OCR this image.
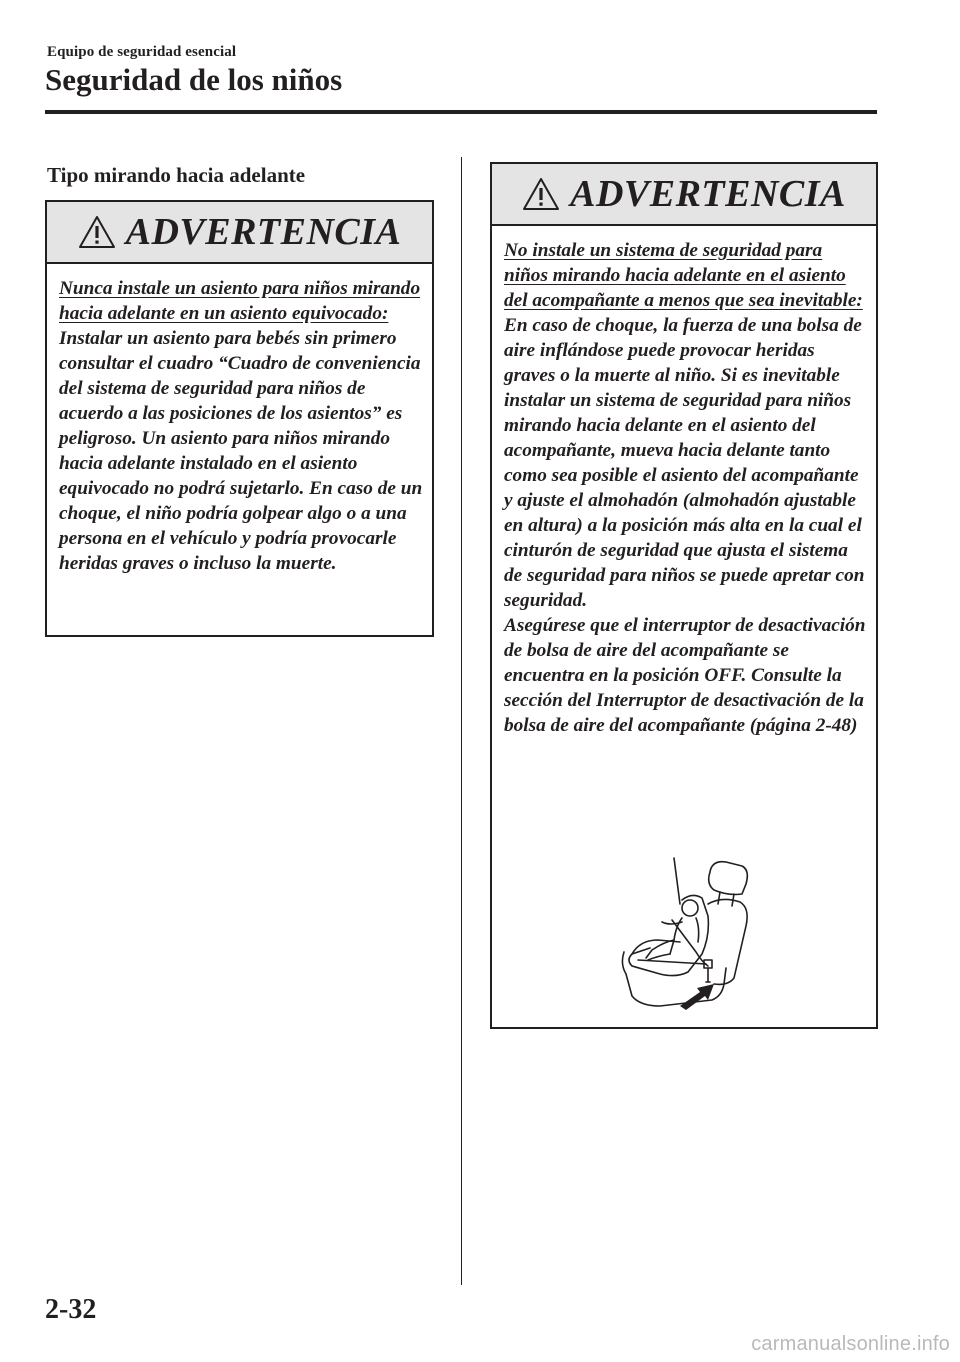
Equipo de seguridad esencial
Seguridad de los niños
Tipo mirando hacia adelante
ADVERTENCIA

Nunca instale un asiento para niños mirando hacia adelante en un asiento equivocado:

Instalar un asiento para bebés sin primero consultar el cuadro “Cuadro de conveniencia del sistema de seguridad para niños de acuerdo a las posiciones de los asientos” es peligroso. Un asiento para niños mirando hacia adelante instalado en el asiento equivocado no podrá sujetarlo. En caso de un choque, el niño podría golpear algo o a una persona en el vehículo y podría provocarle heridas graves o incluso la muerte.

ADVERTENCIA

No instale un sistema de seguridad para niños mirando hacia adelante en el asiento del acompañante a menos que sea inevitable:

En caso de choque, la fuerza de una bolsa de aire inflándose puede provocar heridas graves o la muerte al niño. Si es inevitable instalar un sistema de seguridad para niños mirando hacia delante en el asiento del acompañante, mueva hacia delante tanto como sea posible el asiento del acompañante y ajuste el almohadón (almohadón ajustable en altura) a la posición más alta en la cual el cinturón de seguridad que ajusta el sistema de seguridad para niños se puede apretar con seguridad.

Asegúrese que el interruptor de desactivación de bolsa de aire del acompañante se encuentra en la posición OFF. Consulte la sección del Interruptor de desactivación de la bolsa de aire del acompañante (página 2-48)

2-32
carmanualsonline.info
